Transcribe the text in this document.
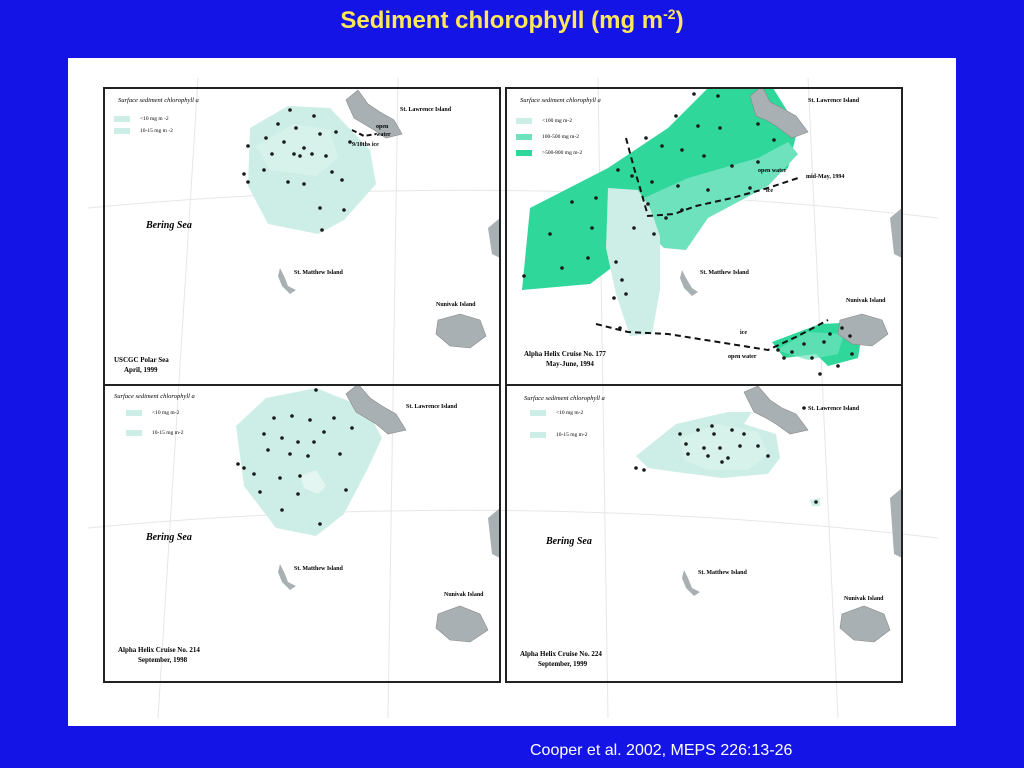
Sediment chlorophyll (mg $m^{-2}$)
Surface sediment chlorophyll a
<10 mg m -2
10-15 mg m -2
Bering Sea
St. Lawrence Island
St. Matthew Island
Nunivak Island
open
water
9/10ths ice
USCGC Polar Sea
April, 1999
Surface sediment chlorophyll a
<100 mg m-2
100-500 mg m-2
>500-800 mg m-2
St. Lawrence Island
St. Matthew Island
Nunivak Island
open water
ice
mid-May, 1994
ice
open water
Alpha Helix Cruise No. 177
May-June, 1994
Surface sediment chlorophyll a
<10 mg m-2
10-15 mg m-2
Bering Sea
St. Lawrence Island
St. Matthew Island
Nunivak Island
Alpha Helix Cruise No. 214
September, 1998
Surface sediment chlorophyll a
<10 mg m-2
10-15 mg m-2
Bering Sea
St. Lawrence Island
St. Matthew Island
Nunivak Island
Alpha Helix Cruise No. 224
September, 1999
Cooper et al. 2002, MEPS 226:13-26
